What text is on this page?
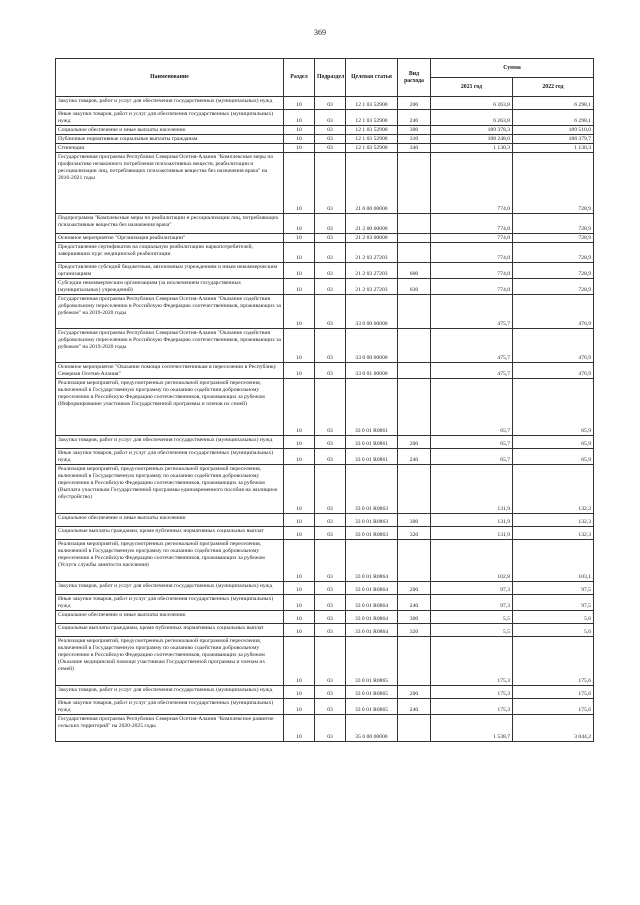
369
Наименование	Раздел	Подраздел	Целевая статья	Вид расхода	Сумма	
					2021 год	2022 год
Закупка товаров, работ и услуг для обеспечения государственных (муниципальных) нужд	10	03	12 1 03 52900	200	6 263,8	6 298,1
Иные закупки товаров, работ и услуг для обеспечения государственных (муниципальных) нужд	10	03	12 1 03 52900	240	6 263,8	6 298,1
Социальное обеспечение и иные выплаты населению	10	03	12 1 03 52900	300	189 378,3	189 510,0
Публичные нормативные социальные выплаты гражданам	10	03	12 1 03 52900	310	188 248,0	188 379,7
Стипендии	10	03	12 1 03 52900	340	1 130,3	1 130,3
Государственная программа Республики Северная Осетия-Алания "Комплексные меры по профилактике незаконного потребления психоактивных веществ, реабилитации и ресоциализации лиц, потребляющих психоактивные вещества без назначения врача" на 2016-2021 годы	10	03	21 0 00 00000		774,0	728,9
Подпрограмма "Комплексные меры по реабилитации и ресоциализации лиц, потребляющих психоактивные вещества без назначения врача"	10	03	21 2 00 00000		774,0	728,9
Основное мероприятие "Организация реабилитации"	10	03	21 2 03 00000		774,0	728,9
Предоставление сертификатов на социальную реабилитацию наркопотребителей, завершивших курс медицинской реабилитации	10	03	21 2 03 27203		774,0	728,9
Предоставление субсидий бюджетным, автономным учреждениям и иным некоммерческим организациям	10	03	21 2 03 27203	600	774,0	728,9
Субсидии некоммерческим организациям (за исключением государственных (муниципальных) учреждений)	10	03	21 2 03 27203	630	774,0	728,9
Государственная программа Республики Северная Осетия-Алания "Оказание содействия добровольному переселению в Российскую Федерацию соотечественников, проживающих за рубежом" на 2019-2020 годы	10	03	33 0 00 00000		475,7	476,9
Государственная программа Республики Северная Осетия-Алания "Оказание содействия добровольному переселению в Российскую Федерацию соотечественников, проживающих за рубежом" на 2019-2020 годы	10	03	33 0 00 00000		475,7	476,9
Основное мероприятие "Оказание помощи соотечественникам в переселении в Республику Северная Осетия-Алания"	10	03	33 0 01 00000		475,7	476,9
Реализация мероприятий, предусмотренных региональной программой переселения, включенной в Государственную программу по оказанию содействия добровольному переселению в Российскую Федерацию соотечественников, проживающих за рубежом (Информирование участников Государственной программы и членов их семей)	10	03	33 0 01 R0861		65,7	65,9
Закупка товаров, работ и услуг для обеспечения государственных (муниципальных) нужд	10	03	33 0 01 R0861	200	65,7	65,9
Иные закупки товаров, работ и услуг для обеспечения государственных (муниципальных) нужд	10	03	33 0 01 R0861	240	65,7	65,9
Реализация мероприятий, предусмотренных региональной программой переселения, включенной в Государственную программу по оказанию содействия добровольному переселению в Российскую Федерацию соотечественников, проживающих за рубежом (Выплата участникам Государственной программы единовременного пособия на жилищное обустройство)	10	03	33 0 01 R0863		131,9	132,3
Социальное обеспечение и иные выплаты населению	10	03	33 0 01 R0863	300	131,9	132,3
Социальные выплаты гражданам, кроме публичных нормативных социальных выплат	10	03	33 0 01 R0863	320	131,9	132,3
Реализация мероприятий, предусмотренных региональной программой переселения, включенной в Государственную программу по оказанию содействия добровольному переселению в Российскую Федерацию соотечественников, проживающих за рубежом (Услуги службы занятости населения)	10	03	33 0 01 R0864		102,8	103,1
Закупка товаров, работ и услуг для обеспечения государственных (муниципальных) нужд	10	03	33 0 01 R0864	200	97,3	97,5
Иные закупки товаров, работ и услуг для обеспечения государственных (муниципальных) нужд	10	03	33 0 01 R0864	240	97,3	97,5
Социальное обеспечение и иные выплаты населению	10	03	33 0 01 R0864	300	5,5	5,6
Социальные выплаты гражданам, кроме публичных нормативных социальных выплат	10	03	33 0 01 R0864	320	5,5	5,6
Реализация мероприятий, предусмотренных региональной программой переселения, включенной в Государственную программу по оказанию содействия добровольному переселению в Российскую Федерацию соотечественников, проживающих за рубежом (Оказание медицинской помощи участникам Государственной программы и членам их семей)	10	03	33 0 01 R0865		175,3	175,6
Закупка товаров, работ и услуг для обеспечения государственных (муниципальных) нужд	10	03	33 0 01 R0865	200	175,3	175,6
Иные закупки товаров, работ и услуг для обеспечения государственных (муниципальных) нужд	10	03	33 0 01 R0865	240	175,3	175,6
Государственная программа Республики Северная Осетия-Алания "Комплексное развитие сельских территорий" на 2020-2025 годы	10	03	35 0 00 00000		1 538,7	3 044,2
